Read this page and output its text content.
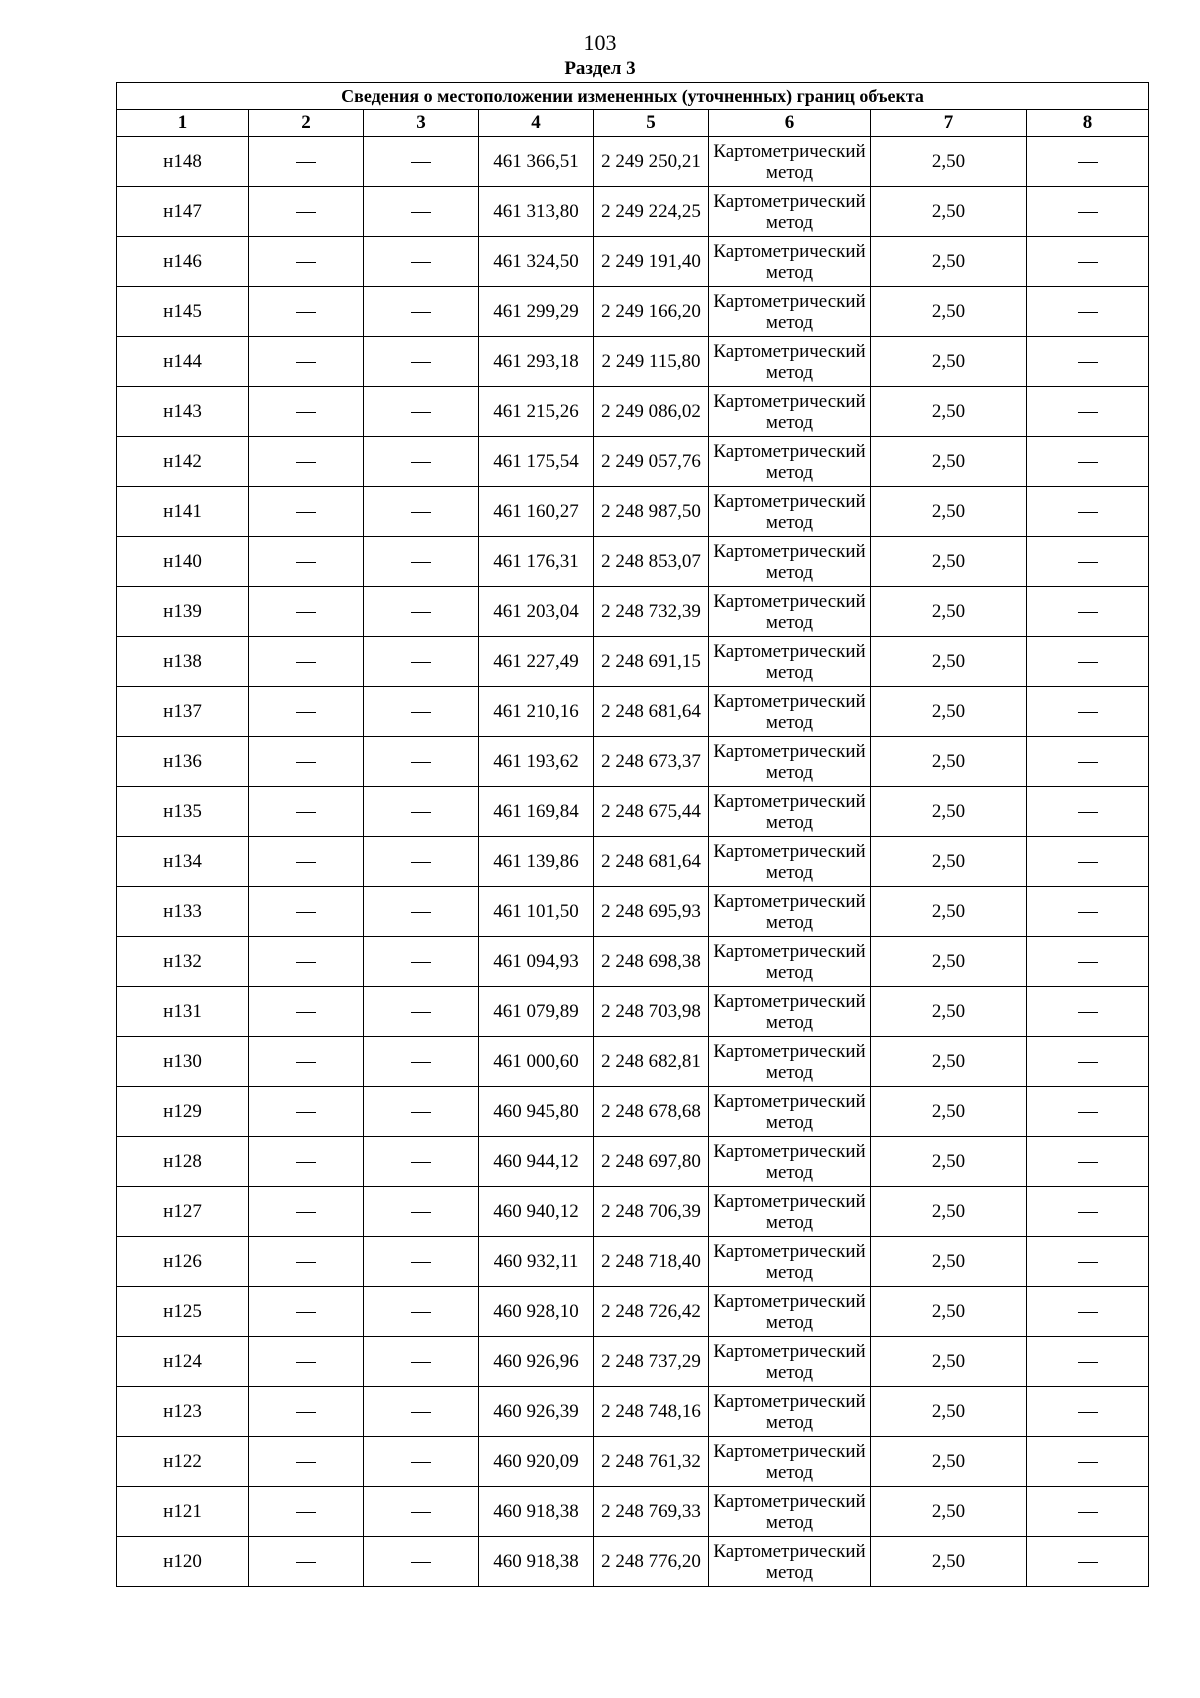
103
Раздел 3
Сведения о местоположении измененных (уточненных) границ объекта							
1	2	3	4	5	6	7	8
н148			461 366,51	2 249 250,21	Картометрический метод	2,50	
н147			461 313,80	2 249 224,25	Картометрический метод	2,50	
н146			461 324,50	2 249 191,40	Картометрический метод	2,50	
н145			461 299,29	2 249 166,20	Картометрический метод	2,50	
н144			461 293,18	2 249 115,80	Картометрический метод	2,50	
н143			461 215,26	2 249 086,02	Картометрический метод	2,50	
н142			461 175,54	2 249 057,76	Картометрический метод	2,50	
н141			461 160,27	2 248 987,50	Картометрический метод	2,50	
н140			461 176,31	2 248 853,07	Картометрический метод	2,50	
н139			461 203,04	2 248 732,39	Картометрический метод	2,50	
н138			461 227,49	2 248 691,15	Картометрический метод	2,50	
н137			461 210,16	2 248 681,64	Картометрический метод	2,50	
н136			461 193,62	2 248 673,37	Картометрический метод	2,50	
н135			461 169,84	2 248 675,44	Картометрический метод	2,50	
н134			461 139,86	2 248 681,64	Картометрический метод	2,50	
н133			461 101,50	2 248 695,93	Картометрический метод	2,50	
н132			461 094,93	2 248 698,38	Картометрический метод	2,50	
н131			461 079,89	2 248 703,98	Картометрический метод	2,50	
н130			461 000,60	2 248 682,81	Картометрический метод	2,50	
н129			460 945,80	2 248 678,68	Картометрический метод	2,50	
н128			460 944,12	2 248 697,80	Картометрический метод	2,50	
н127			460 940,12	2 248 706,39	Картометрический метод	2,50	
н126			460 932,11	2 248 718,40	Картометрический метод	2,50	
н125			460 928,10	2 248 726,42	Картометрический метод	2,50	
н124			460 926,96	2 248 737,29	Картометрический метод	2,50	
н123			460 926,39	2 248 748,16	Картометрический метод	2,50	
н122			460 920,09	2 248 761,32	Картометрический метод	2,50	
н121			460 918,38	2 248 769,33	Картометрический метод	2,50	
н120			460 918,38	2 248 776,20	Картометрический метод	2,50	
